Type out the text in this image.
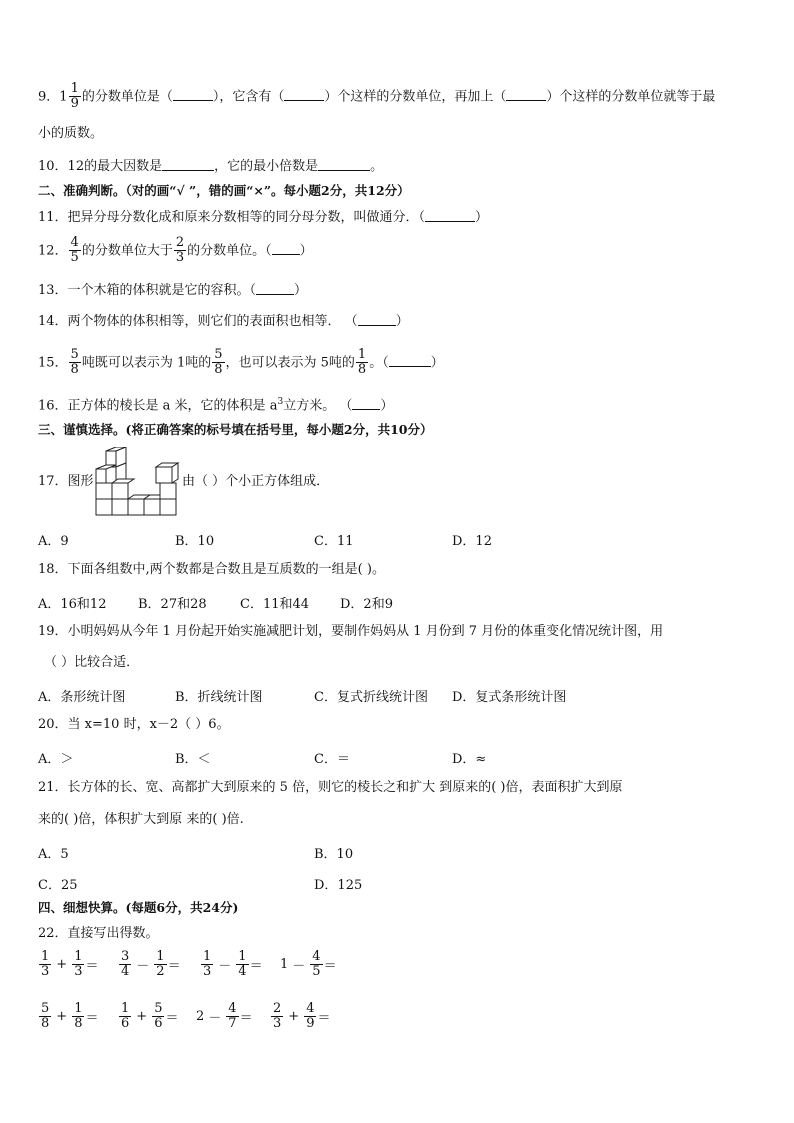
9．$1 \frac{1}{9}$ 的分数单位是（	），它含有（	）个这样的分数单位，再加上（	）个这样的分数单位就等于最
小的质数。
10．12的最大因数是	，它的最小倍数是	。
二、准确判断。（对的画“√ ”，错的画“×”。每小题2分，共12分）
11．把异分母分数化成和原来分数相等的同分母分数，叫做通分．（	）
12． $\frac{4}{5}$ 的分数单位大于 $\frac{2}{3}$ 的分数单位。（ ）
13．一个木箱的体积就是它的容积。（	）
14．两个物体的体积相等，则它们的表面积也相等． （	）
15． $\frac{5}{8}$ 吨既可以表示为 1吨的 $\frac{5}{8}$ ，也可以表示为 5吨的 $\frac{1}{8}$ 。（	）
16．正方体的棱长是 a 米，它的体积是 $a^3$立方米。 （ ）
三、谨慎选择。(将正确答案的标号填在括号里，每小题2分，共10分）
17．图形	由（ ）个小正方体组成．
A．9	B．10	C．11	D．12
18．下面各组数中,两个数都是合数且是互质数的一组是( )。
A．16和12 B．27和28	C．11和44 D．2和9
19．小明妈妈从今年 1 月份起开始实施减肥计划，要制作妈妈从 1 月份到 7 月份的体重变化情况统计图，用
（ ）比较合适．
A．条形统计图	B．折线统计图	C．复式折线统计图 D．复式条形统计图
20．当 x=10 时，x－2（ ）6。
A．＞	B．＜	C．＝	D．≈
21．长方体的长、宽、高都扩大到原来的 5 倍，则它的棱长之和扩大 到原来的( )倍，表面积扩大到原
来的( )倍，体积扩大到原 来的( )倍.
A．5	B．10
C．25	D．125
四、细想快算。(每题6分，共24分)
22．直接写出得数。
$\frac{1}{3} + \frac{1}{3} = \frac{3}{4} - \frac{1}{2} = \frac{1}{3} - \frac{1}{4} = 1 - \frac{4}{5}$ ＝
$\frac{5}{8} + \frac{1}{8} = \frac{1}{6} + \frac{5}{6} = 2 - \frac{4}{7} = \frac{2}{3} + \frac{4}{9}$ ＝
